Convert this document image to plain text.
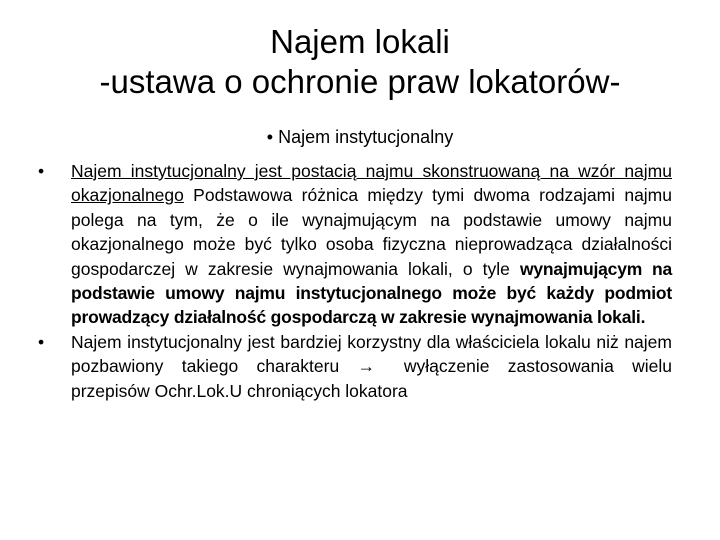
Najem lokali
-ustawa o ochronie praw lokatorów-
• Najem instytucjonalny
•	Najem instytucjonalny jest postacią najmu skonstruowaną na wzór najmu okazjonalnego Podstawowa różnica między tymi dwoma rodzajami najmu polega na tym, że o ile wynajmującym na podstawie umowy najmu okazjonalnego może być tylko osoba fizyczna nieprowadząca działalności gospodarczej w zakresie wynajmowania lokali, o tyle wynajmującym na podstawie umowy najmu instytucjonalnego może być każdy podmiot prowadzący działalność gospodarczą w zakresie wynajmowania lokali.
•	Najem instytucjonalny jest bardziej korzystny dla właściciela lokalu niż najem pozbawiony takiego charakteru → wyłączenie zastosowania wielu przepisów Ochr.Lok.U chroniących lokatora
